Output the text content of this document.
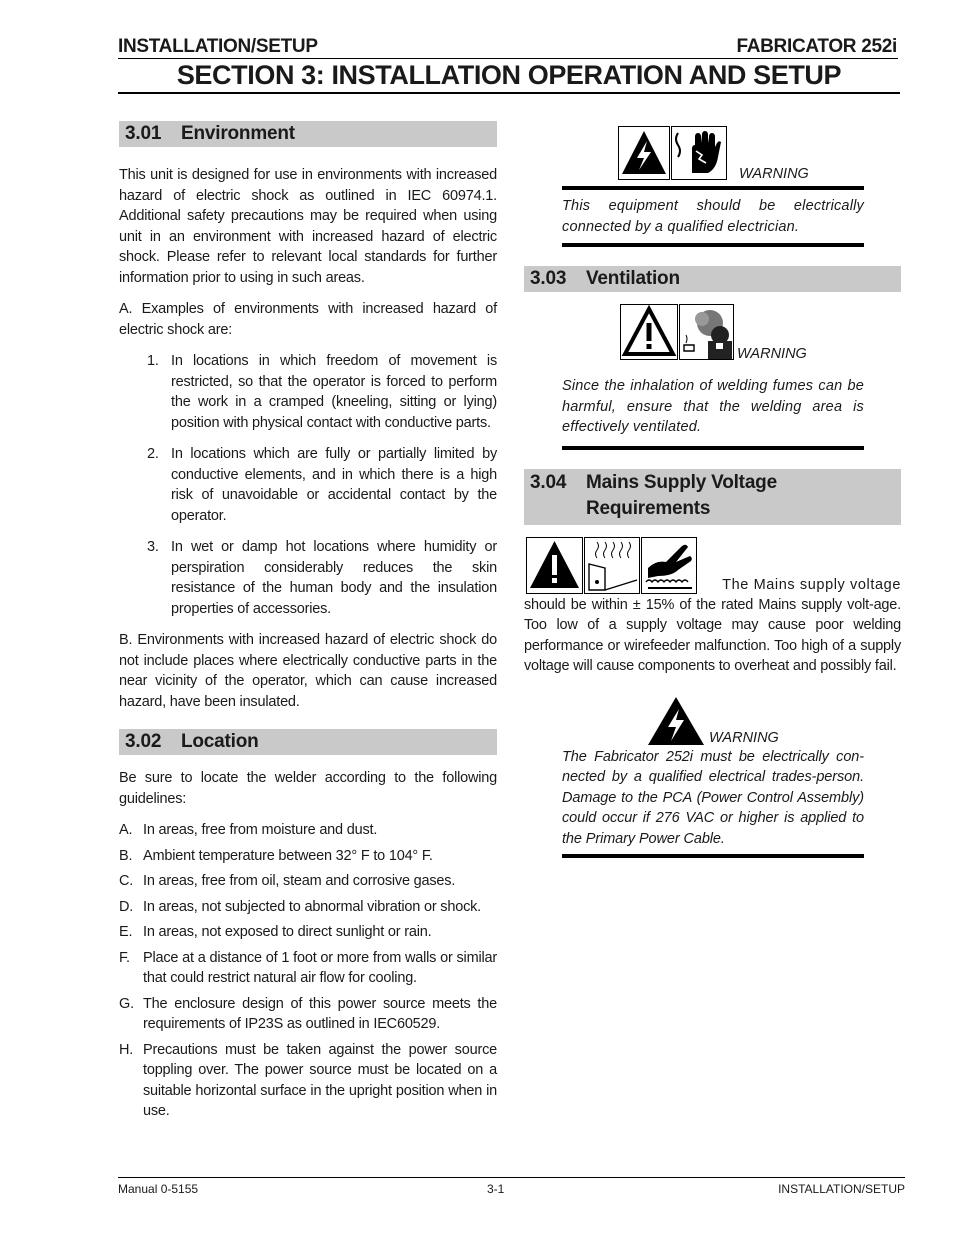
INSTALLATION/SETUP	FABRICATOR 252i
SECTION 3: INSTALLATION OPERATION AND SETUP
3.01 Environment

This unit is designed for use in environments with increased hazard of electric shock as outlined in IEC 60974.1. Additional safety precautions may be required when using unit in an environment with increased hazard of electric shock. Please refer to relevant local standards for further information prior to using in such areas.

A. Examples of environments with increased hazard of electric shock are:

1. In locations in which freedom of movement is restricted, so that the operator is forced to perform the work in a cramped (kneeling, sitting or lying) position with physical contact with conductive parts.
2. In locations which are fully or partially limited by conductive elements, and in which there is a high risk of unavoidable or accidental contact by the operator.
3. In wet or damp hot locations where humidity or perspiration considerably reduces the skin resistance of the human body and the insulation properties of accessories.

B. Environments with increased hazard of electric shock do not include places where electrically conductive parts in the near vicinity of the operator, which can cause increased hazard, have been insulated.

3.02 Location

Be sure to locate the welder according to the following guidelines:

A. In areas, free from moisture and dust.
B. Ambient temperature between 32° F to 104° F.
C. In areas, free from oil, steam and corrosive gases.
D. In areas, not subjected to abnormal vibration or shock.
E. In areas, not exposed to direct sunlight or rain.
F. Place at a distance of 1 foot or more from walls or similar that could restrict natural air flow for cooling.
G. The enclosure design of this power source meets the requirements of IP23S as outlined in IEC60529.
H. Precautions must be taken against the power source toppling over. The power source must be located on a suitable horizontal surface in the upright position when in use.
WARNING
This equipment should be electrically connected by a qualified electrician.
3.03 Ventilation
WARNING
Since the inhalation of welding fumes can be harmful, ensure that the welding area is effectively ventilated.
3.04 Mains Supply Voltage
Requirements
The Mains supply voltage

should be within ± 15% of the rated Mains supply volt-age. Too low of a supply voltage may cause poor welding performance or wirefeeder malfunction. Too high of a supply voltage will cause components to overheat and possibly fail.

WARNING
The Fabricator 252i must be electrically con-nected by a qualified electrical trades-person. Damage to the PCA (Power Control Assembly) could occur if 276 VAC or higher is applied to the Primary Power Cable.
Manual 0-5155	3-1	INSTALLATION/SETUP
